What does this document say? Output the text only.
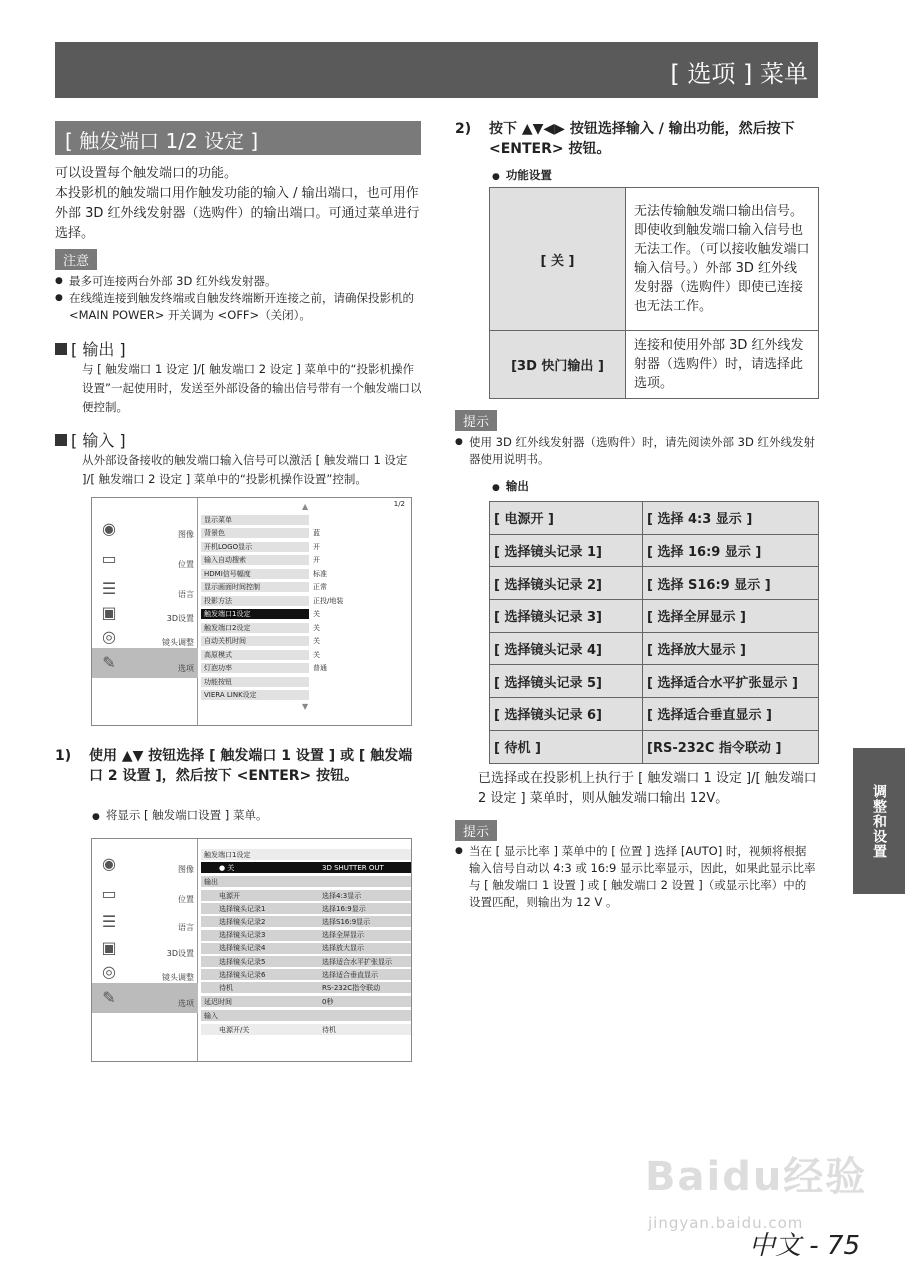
[ 选项 ] 菜单
调整和设置
[ 触发端口 1/2 设定 ]

可以设置每个触发端口的功能。

本投影机的触发端口用作触发功能的输入 / 输出端口，也可用作外部 3D 红外线发射器（选购件）的输出端口。可通过菜单进行选择。

注意
● 最多可连接两台外部 3D 红外线发射器。
● 在线缆连接到触发终端或自触发终端断开连接之前，请确保投影机的 <MAIN POWER> 开关调为 <OFF>（关闭）。
[ 输出 ]
与 [ 触发端口 1 设定 ]/[ 触发端口 2 设定 ] 菜单中的“投影机操作设置”一起使用时，发送至外部设备的输出信号带有一个触发端口以便控制。
[ 输入 ]
从外部设备接收的触发端口输入信号可以激活 [ 触发端口 1 设定 ]/[ 触发端口 2 设定 ] 菜单中的“投影机操作设置”控制。
◉	图像
▭	位置
☰	语言
▣	3D设置
◎	镜头调整
✎	选项
▲	1/2
显示菜单
背景色	蓝
开机LOGO显示	开
输入自动搜索	开
HDMI信号幅度	标准
显示画面时间控制	正常
投影方法	正投/地装
触发端口1设定	关
触发端口2设定	关
自动关机时间	关
高原模式	关
灯泡功率	普通
功能按钮
VIERA LINK设定
▼
1)	使用 ▲▼ 按钮选择 [ 触发端口 1 设置 ] 或 [ 触发端口 2 设置 ]，然后按下 <ENTER> 按钮。
● 将显示 [ 触发端口设置 ] 菜单。
◉	图像
▭	位置
☰	语言
▣	3D设置
◎	镜头调整
✎	选项
触发端口1设定
● 关	3D SHUTTER OUT
输出
电源开	选择4:3显示
选择镜头记录1	选择16:9显示
选择镜头记录2	选择S16:9显示
选择镜头记录3	选择全屏显示
选择镜头记录4	选择放大显示
选择镜头记录5	选择适合水平扩张显示
选择镜头记录6	选择适合垂直显示
待机	RS-232C指令联动
延迟时间	0秒
输入
电源开/关	待机
2)	按下 ▲▼◀▶ 按钮选择输入 / 输出功能，然后按下 <ENTER> 按钮。
● 功能设置
[ 关 ]	无法传输触发端口输出信号。即使收到触发端口输入信号也无法工作。（可以接收触发端口输入信号。）外部 3D 红外线发射器（选购件）即使已连接也无法工作。
[3D 快门输出 ]	连接和使用外部 3D 红外线发射器（选购件）时，请选择此选项。
提示
● 使用 3D 红外线发射器（选购件）时，请先阅读外部 3D 红外线发射器使用说明书。
● 输出
[ 电源开 ]	[ 选择 4:3 显示 ]
[ 选择镜头记录 1]	[ 选择 16:9 显示 ]
[ 选择镜头记录 2]	[ 选择 S16:9 显示 ]
[ 选择镜头记录 3]	[ 选择全屏显示 ]
[ 选择镜头记录 4]	[ 选择放大显示 ]
[ 选择镜头记录 5]	[ 选择适合水平扩张显示 ]
[ 选择镜头记录 6]	[ 选择适合垂直显示 ]
[ 待机 ]	[RS-232C 指令联动 ]
已选择或在投影机上执行于 [ 触发端口 1 设定 ]/[ 触发端口 2 设定 ] 菜单时，则从触发端口输出 12V。
提示
● 当在 [ 显示比率 ] 菜单中的 [ 位置 ] 选择 [AUTO] 时，视频将根据输入信号自动以 4:3 或 16:9 显示比率显示，因此，如果此显示比率与 [ 触发端口 1 设置 ] 或 [ 触发端口 2 设置 ]（或显示比率）中的设置匹配，则输出为 12 V 。
Baidu经验
jingyan.baidu.com
中文 - 75
